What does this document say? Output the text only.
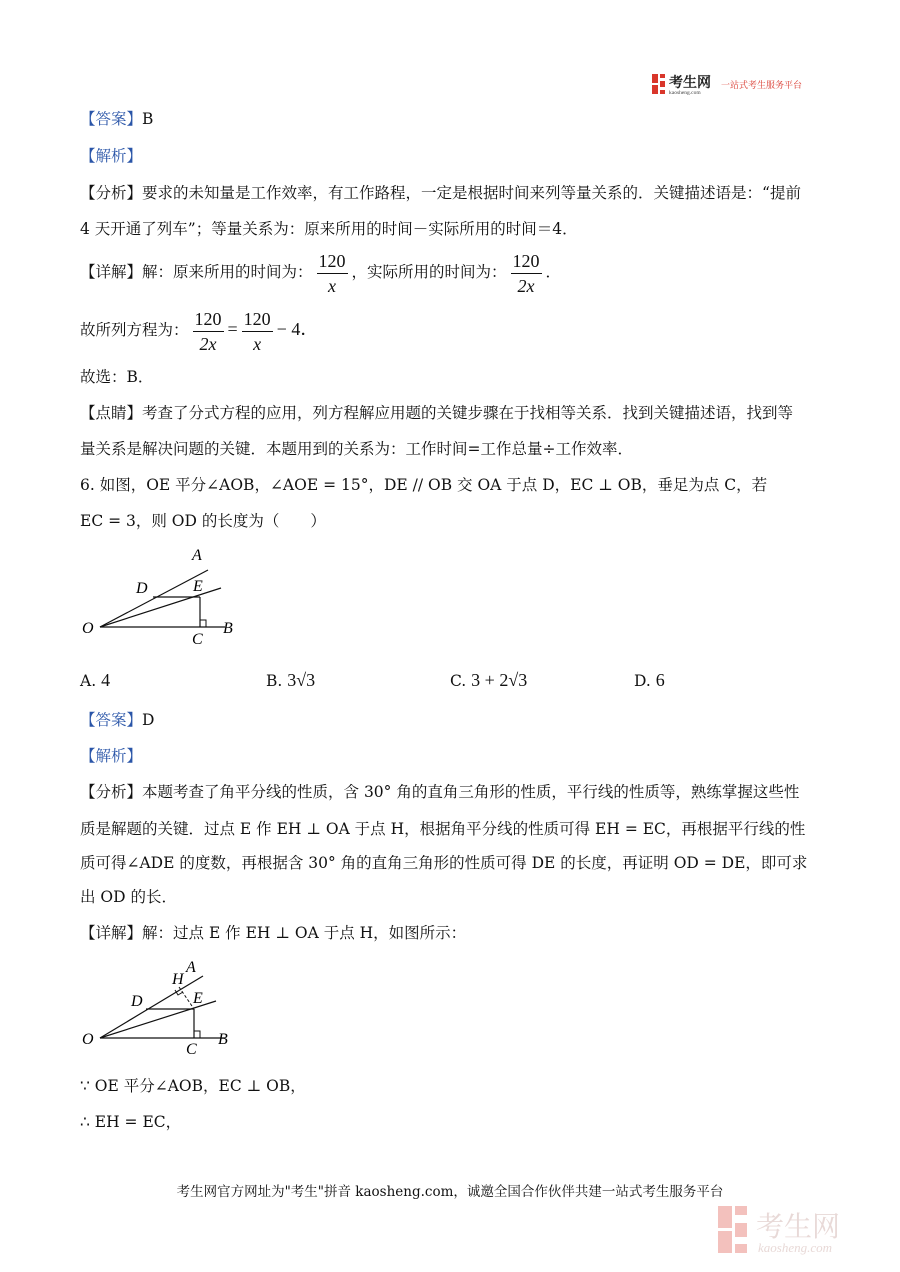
考生网
kaosheng.com
一站式考生服务平台
【答案】B
【解析】
【分析】要求的未知量是工作效率，有工作路程，一定是根据时间来列等量关系的．关键描述语是：“提前
4 天开通了列车”；等量关系为：原来所用的时间－实际所用的时间＝4．
【详解】解：原来所用的时间为： $\frac{120}{x}$ ，实际所用的时间为： $\frac{120}{2x}$ ．
故所列方程为： $\frac{120}{2x} = \frac{120}{x} - 4$．
故选：B．
【点睛】考查了分式方程的应用，列方程解应用题的关键步骤在于找相等关系．找到关键描述语，找到等
量关系是解决问题的关键．本题用到的关系为：工作时间=工作总量÷工作效率．
6. 如图，OE 平分∠AOB，∠AOE = 15°，DE // OB 交 OA 于点 D，EC ⊥ OB，垂足为点 C，若
EC = 3，则 OD 的长度为（　　）
A
D	E
O
C
B
A. 4	B. 3√3	C. 3 + 2√3	D. 6
【答案】D
【解析】
【分析】本题考查了角平分线的性质，含 30° 角的直角三角形的性质，平行线的性质等，熟练掌握这些性
质是解题的关键．过点 E 作 EH ⊥ OA 于点 H，根据角平分线的性质可得 EH = EC，再根据平行线的性
质可得∠ADE 的度数，再根据含 30° 角的直角三角形的性质可得 DE 的长度，再证明 OD = DE，即可求
出 OD 的长．
【详解】解：过点 E 作 EH ⊥ OA 于点 H，如图所示：
H
A
D	E
O
C
B
∵ OE 平分∠AOB，EC ⊥ OB，
∴ EH = EC，
考生网官方网址为"考生"拼音 kaosheng.com，诚邀全国合作伙伴共建一站式考生服务平台
考生网
kaosheng.com
